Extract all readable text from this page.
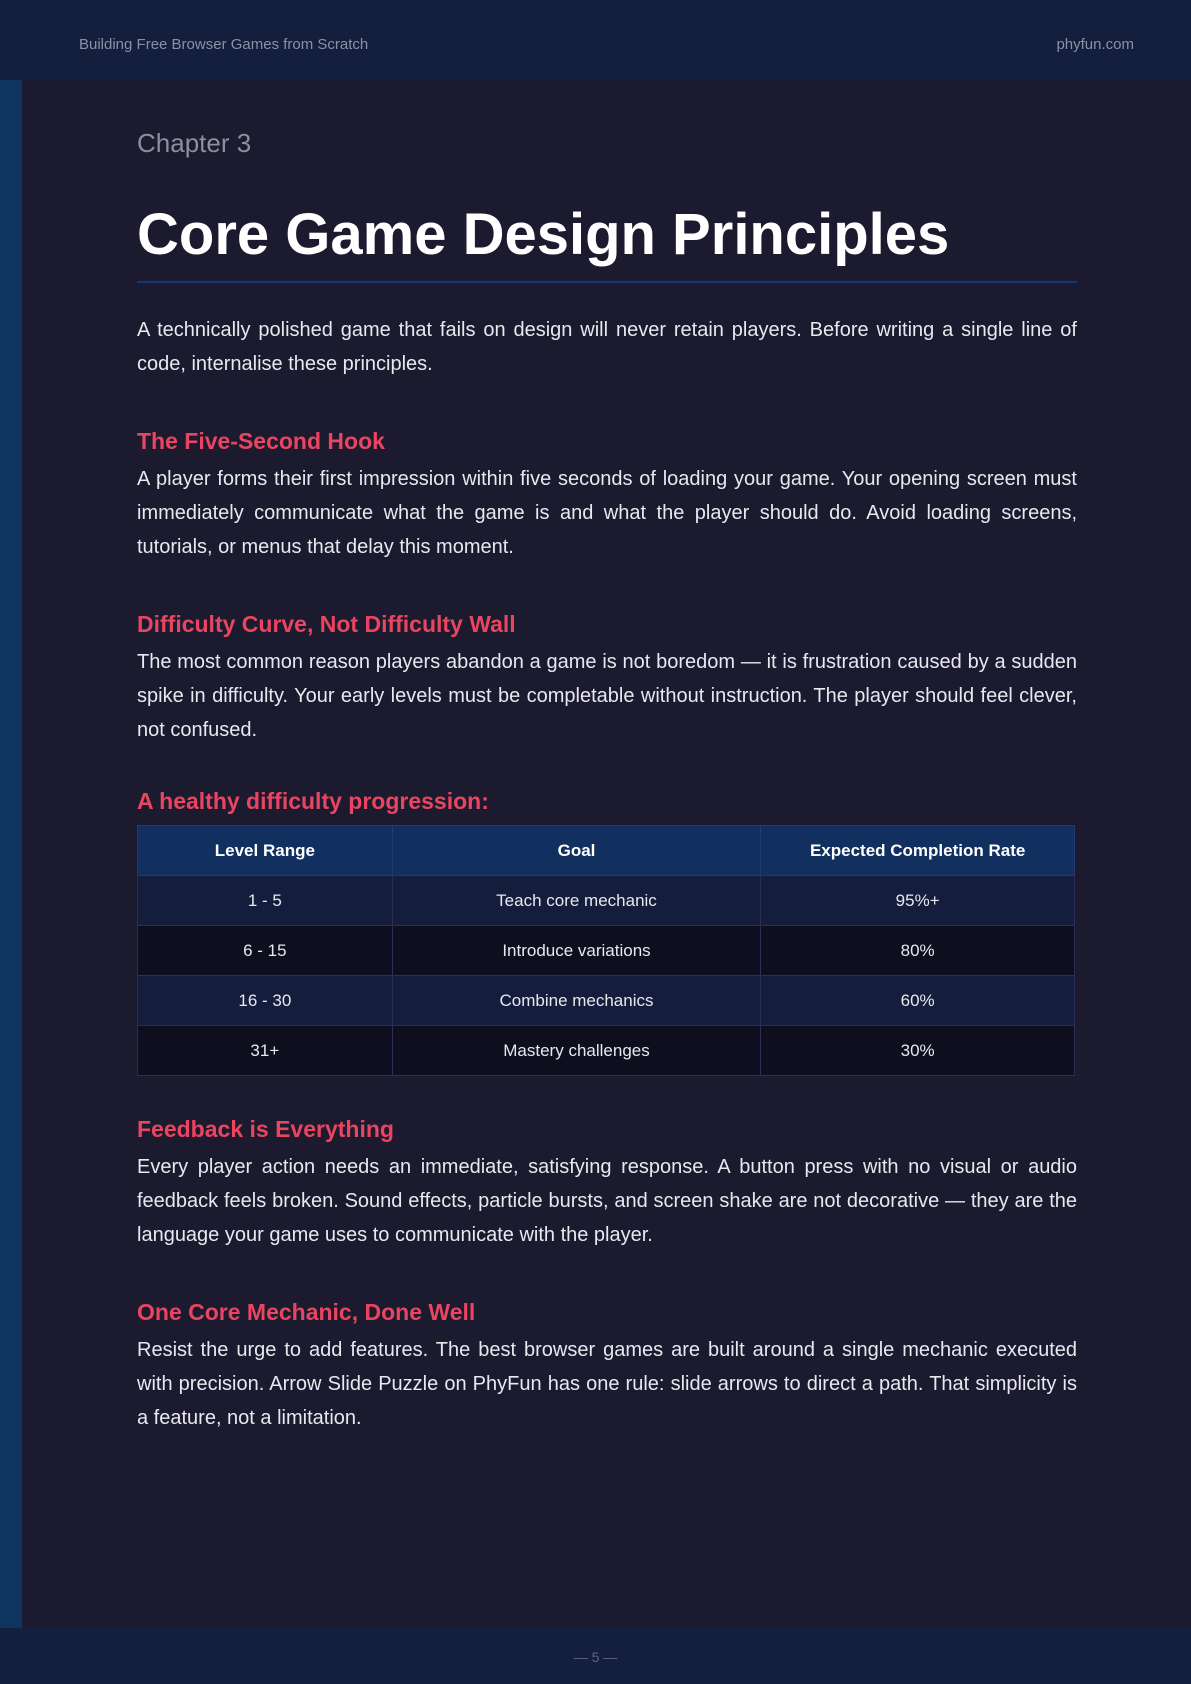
Building Free Browser Games from Scratch	phyfun.com

Chapter 3

Core Game Design Principles

A technically polished game that fails on design will never retain players. Before writing a single line of code, internalise these principles.

The Five-Second Hook

A player forms their first impression within five seconds of loading your game. Your opening screen must immediately communicate what the game is and what the player should do. Avoid loading screens, tutorials, or menus that delay this moment.

Difficulty Curve, Not Difficulty Wall

The most common reason players abandon a game is not boredom — it is frustration caused by a sudden spike in difficulty. Your early levels must be completable without instruction. The player should feel clever, not confused.

A healthy difficulty progression:
Level Range	Goal	Expected Completion Rate
1 - 5	Teach core mechanic	95%+
6 - 15	Introduce variations	80%
16 - 30	Combine mechanics	60%
31+	Mastery challenges	30%
Feedback is Everything

Every player action needs an immediate, satisfying response. A button press with no visual or audio feedback feels broken. Sound effects, particle bursts, and screen shake are not decorative — they are the language your game uses to communicate with the player.

One Core Mechanic, Done Well

Resist the urge to add features. The best browser games are built around a single mechanic executed with precision. Arrow Slide Puzzle on PhyFun has one rule: slide arrows to direct a path. That simplicity is a feature, not a limitation.

— 5 —
